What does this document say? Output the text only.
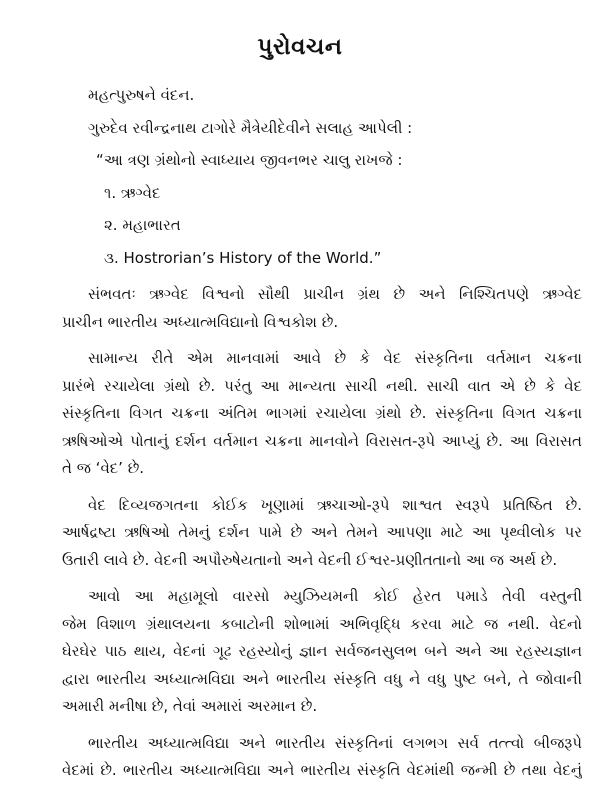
પુરોવચન

મહત્પુરુષને વંદન.

ગુરુદેવ રવીન્દ્રનાથ ટાગોરે મૈત્રેયીદેવીને સલાહ આપેલી :

“આ ત્રણ ગ્રંથોનો સ્વાધ્યાય જીવનભર ચાલુ રાખજે :

૧. ઋગ્વેદ

૨. મહાભારત

૩. Hostrorian’s History of the World.”

સંભવતઃ ઋગ્વેદ વિશ્વનો સૌથી પ્રાચીન ગ્રંથ છે અને નિશ્ચિતપણે ઋગ્વેદ

પ્રાચીન ભારતીય અધ્યાત્મવિદ્યાનો વિશ્વકોશ છે.

સામાન્ય રીતે એમ માનવામાં આવે છે કે વેદ સંસ્કૃતિના વર્તમાન ચક્રના

પ્રારંભે રચાયેલા ગ્રંથો છે. પરંતુ આ માન્યતા સાચી નથી. સાચી વાત એ છે કે વેદ

સંસ્કૃતિના વિગત ચક્રના અંતિમ ભાગમાં રચાયેલા ગ્રંથો છે. સંસ્કૃતિના વિગત ચક્રના

ઋષિઓએ પોતાનું દર્શન વર્તમાન ચક્રના માનવોને વિરાસત-રૂપે આપ્યું છે. આ વિરાસત

તે જ ‘વેદ’ છે.

વેદ દિવ્યજગતના કોઈક ખૂણામાં ઋચાઓ-રૂપે શાશ્વત સ્વરૂપે પ્રતિષ્ઠિત છે.

આર્ષદ્રષ્ટા ઋષિઓ તેમનું દર્શન પામે છે અને તેમને આપણા માટે આ પૃથ્વીલોક પર

ઉતારી લાવે છે. વેદની અપૌરુષેયતાનો અને વેદની ઈશ્વર-પ્રણીતતાનો આ જ અર્થ છે.

આવો આ મહામૂલો વારસો મ્યુઝિયમની કોઈ હેરત પમાડે તેવી વસ્તુની

જેમ વિશાળ ગ્રંથાલયના કબાટોની શોભામાં અભિવૃદ્ધિ કરવા માટે જ નથી. વેદનો

ઘેરઘેર પાઠ થાય, વેદનાં ગૂઢ રહસ્યોનું જ્ઞાન સર્વજનસુલભ બને અને આ રહસ્યજ્ઞાન

દ્વારા ભારતીય અધ્યાત્મવિદ્યા અને ભારતીય સંસ્કૃતિ વધુ ને વધુ પુષ્ટ બને, તે જોવાની

અમારી મનીષા છે, તેવાં અમારાં અરમાન છે.

ભારતીય અધ્યાત્મવિદ્યા અને ભારતીય સંસ્કૃતિનાં લગભગ સર્વ તત્ત્વો બીજરૂપે

વેદમાં છે. ભારતીય અધ્યાત્મવિદ્યા અને ભારતીય સંસ્કૃતિ વેદમાંથી જન્મી છે તથા વેદનું
